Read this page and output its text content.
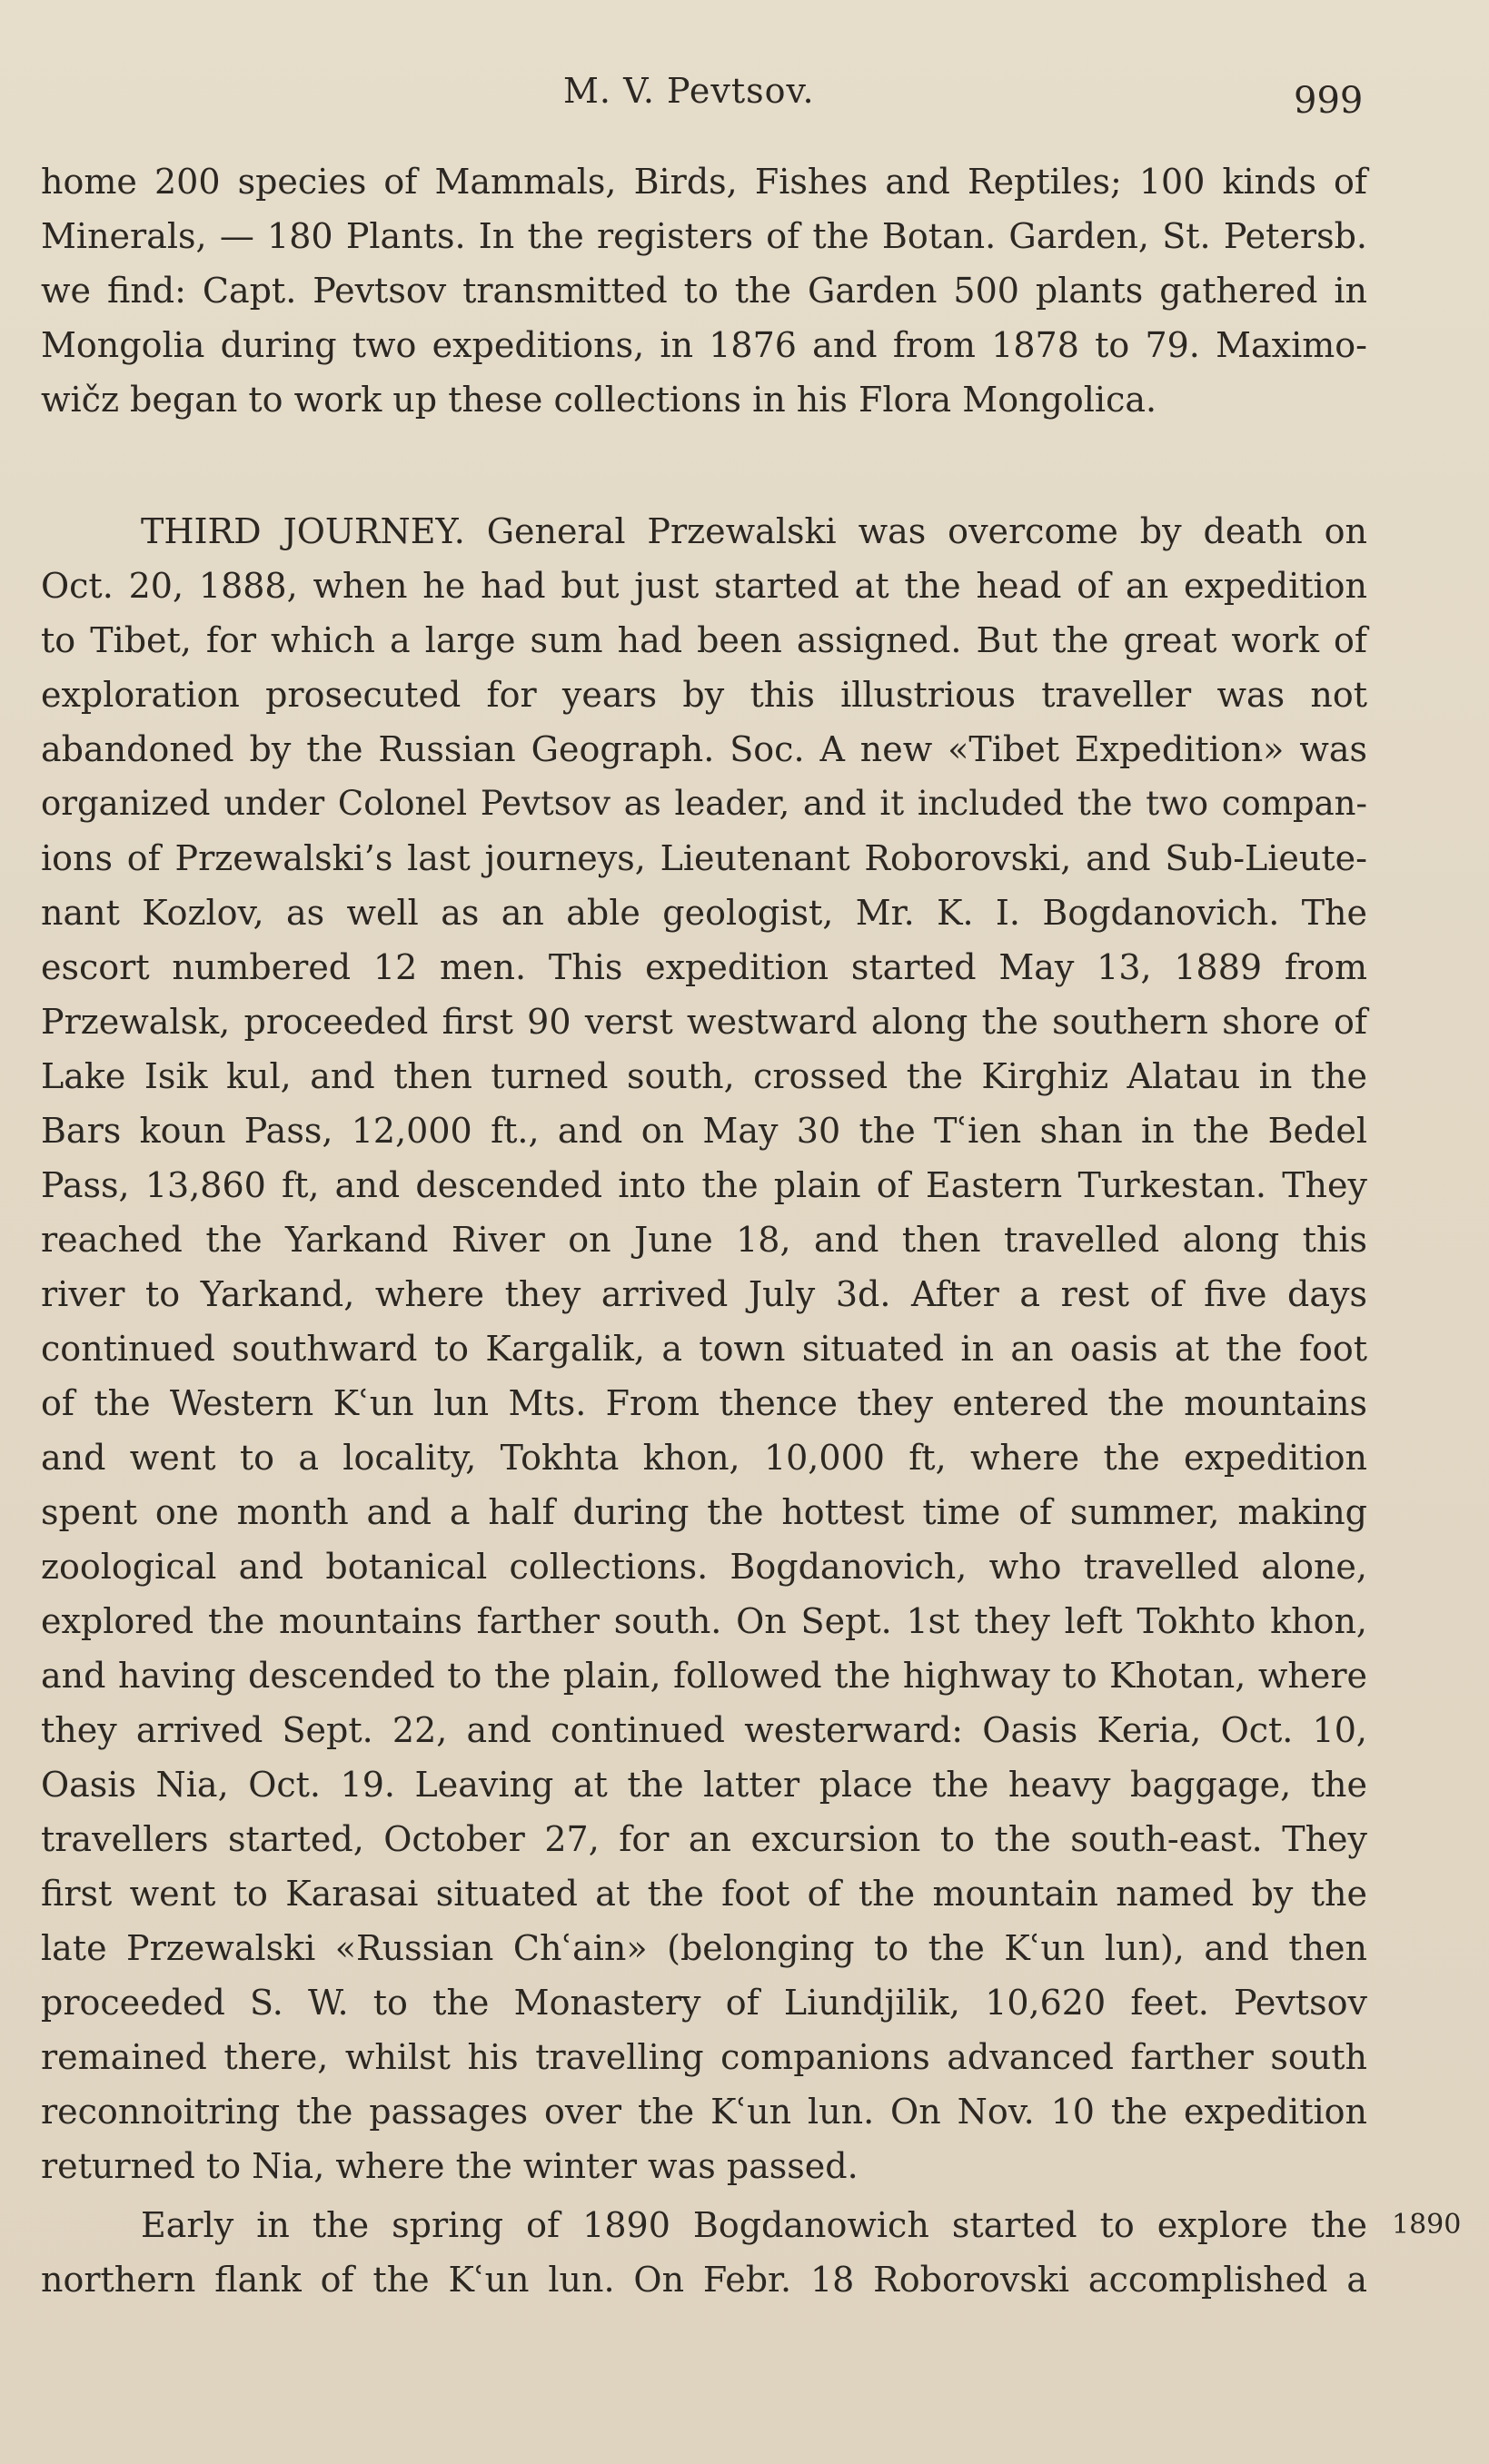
M. V. Pevtsov.	999
home 200 species of Mammals, Birds, Fishes and Reptiles; 100 kinds of
Minerals, — 180 Plants. In the registers of the Botan. Garden, St. Petersb.
we find: Capt. Pevtsov transmitted to the Garden 500 plants gathered in
Mongolia during two expeditions, in 1876 and from 1878 to 79. Maximo-
wičz began to work up these collections in his Flora Mongolica.
THIRD JOURNEY. General Przewalski was overcome by death on
Oct. 20, 1888, when he had but just started at the head of an expedition
to Tibet, for which a large sum had been assigned. But the great work of
exploration prosecuted for years by this illustrious traveller was not
abandoned by the Russian Geograph. Soc. A new «Tibet Expedition» was
organized under Colonel Pevtsov as leader, and it included the two compan-
ions of Przewalski’s last journeys, Lieutenant Roborovski, and Sub-Lieute-
nant Kozlov, as well as an able geologist, Mr. K. I. Bogdanovich. The
escort numbered 12 men. This expedition started May 13, 1889 from
Przewalsk, proceeded first 90 verst westward along the southern shore of
Lake Isik kul, and then turned south, crossed the Kirghiz Alatau in the
Bars koun Pass, 12,000 ft., and on May 30 the Tʿien shan in the Bedel
Pass, 13,860 ft, and descended into the plain of Eastern Turkestan. They
reached the Yarkand River on June 18, and then travelled along this
river to Yarkand, where they arrived July 3d. After a rest of five days
continued southward to Kargalik, a town situated in an oasis at the foot
of the Western Kʿun lun Mts. From thence they entered the mountains
and went to a locality, Tokhta khon, 10,000 ft, where the expedition
spent one month and a half during the hottest time of summer, making
zoological and botanical collections. Bogdanovich, who travelled alone,
explored the mountains farther south. On Sept. 1st they left Tokhto khon,
and having descended to the plain, followed the highway to Khotan, where
they arrived Sept. 22, and continued westerward: Oasis Keria, Oct. 10,
Oasis Nia, Oct. 19. Leaving at the latter place the heavy baggage, the
travellers started, October 27, for an excursion to the south-east. They
first went to Karasai situated at the foot of the mountain named by the
late Przewalski «Russian Chʿain» (belonging to the Kʿun lun), and then
proceeded S. W. to the Monastery of Liundjilik, 10,620 feet. Pevtsov
remained there, whilst his travelling companions advanced farther south
reconnoitring the passages over the Kʿun lun. On Nov. 10 the expedition
returned to Nia, where the winter was passed.
Early in the spring of 1890 Bogdanowich started to explore the 1890
northern flank of the Kʿun lun. On Febr. 18 Roborovski accomplished a
